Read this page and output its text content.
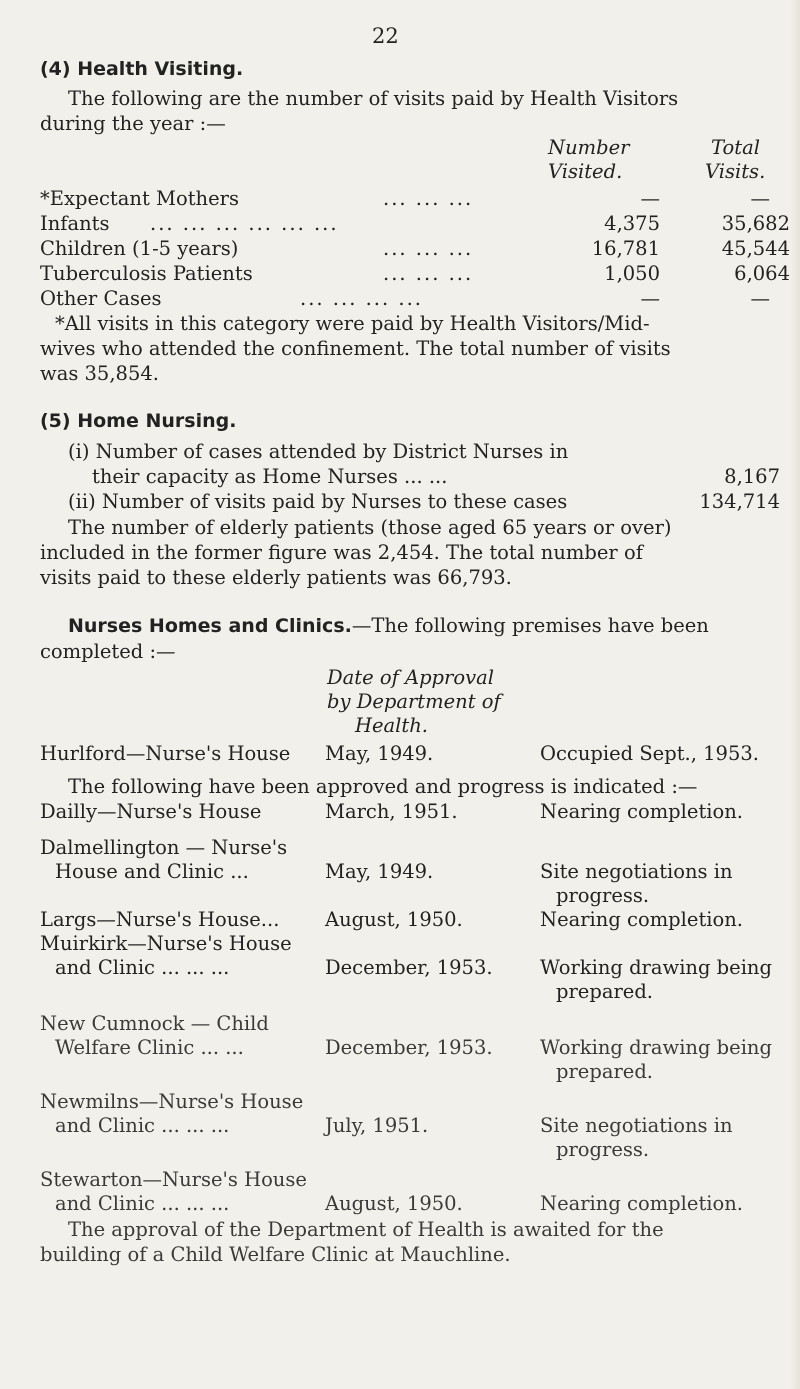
22
(4) Health Visiting.
The following are the number of visits paid by Health Visitors
during the year :—
Number
Visited.
Total
Visits.
*Expectant Mothers	... ... ...	—	—
Infants ... ... ... ... ... ...	4,375	35,682
Children (1-5 years)	... ... ...	16,781	45,544
Tuberculosis Patients	... ... ...	1,050	6,064
Other Cases	... ... ... ...	—	—
*All visits in this category were paid by Health Visitors/Mid-
wives who attended the confinement. The total number of visits
was 35,854.
(5) Home Nursing.
(i) Number of cases attended by District Nurses in
their capacity as Home Nurses ... ...	8,167
(ii) Number of visits paid by Nurses to these cases	134,714
The number of elderly patients (those aged 65 years or over)
included in the former figure was 2,454. The total number of
visits paid to these elderly patients was 66,793.
Nurses Homes and Clinics.—The following premises have been
completed :—
Date of Approval
by Department of
Health.
Hurlford—Nurse's House May, 1949.	Occupied Sept., 1953.
The following have been approved and progress is indicated :—
Dailly—Nurse's House	March, 1951.	Nearing completion.
Dalmellington — Nurse's
House and Clinic ...	May, 1949.	Site negotiations in
progress.
Largs—Nurse's House... August, 1950.	Nearing completion.
Muirkirk—Nurse's House
and Clinic ... ... ...	December, 1953. Working drawing being
prepared.
New Cumnock — Child
Welfare Clinic ... ...	December, 1953. Working drawing being
prepared.
Newmilns—Nurse's House
and Clinic ... ... ...	July, 1951.	Site negotiations in
progress.
Stewarton—Nurse's House
and Clinic ... ... ...	August, 1950.	Nearing completion.
The approval of the Department of Health is awaited for the
building of a Child Welfare Clinic at Mauchline.
